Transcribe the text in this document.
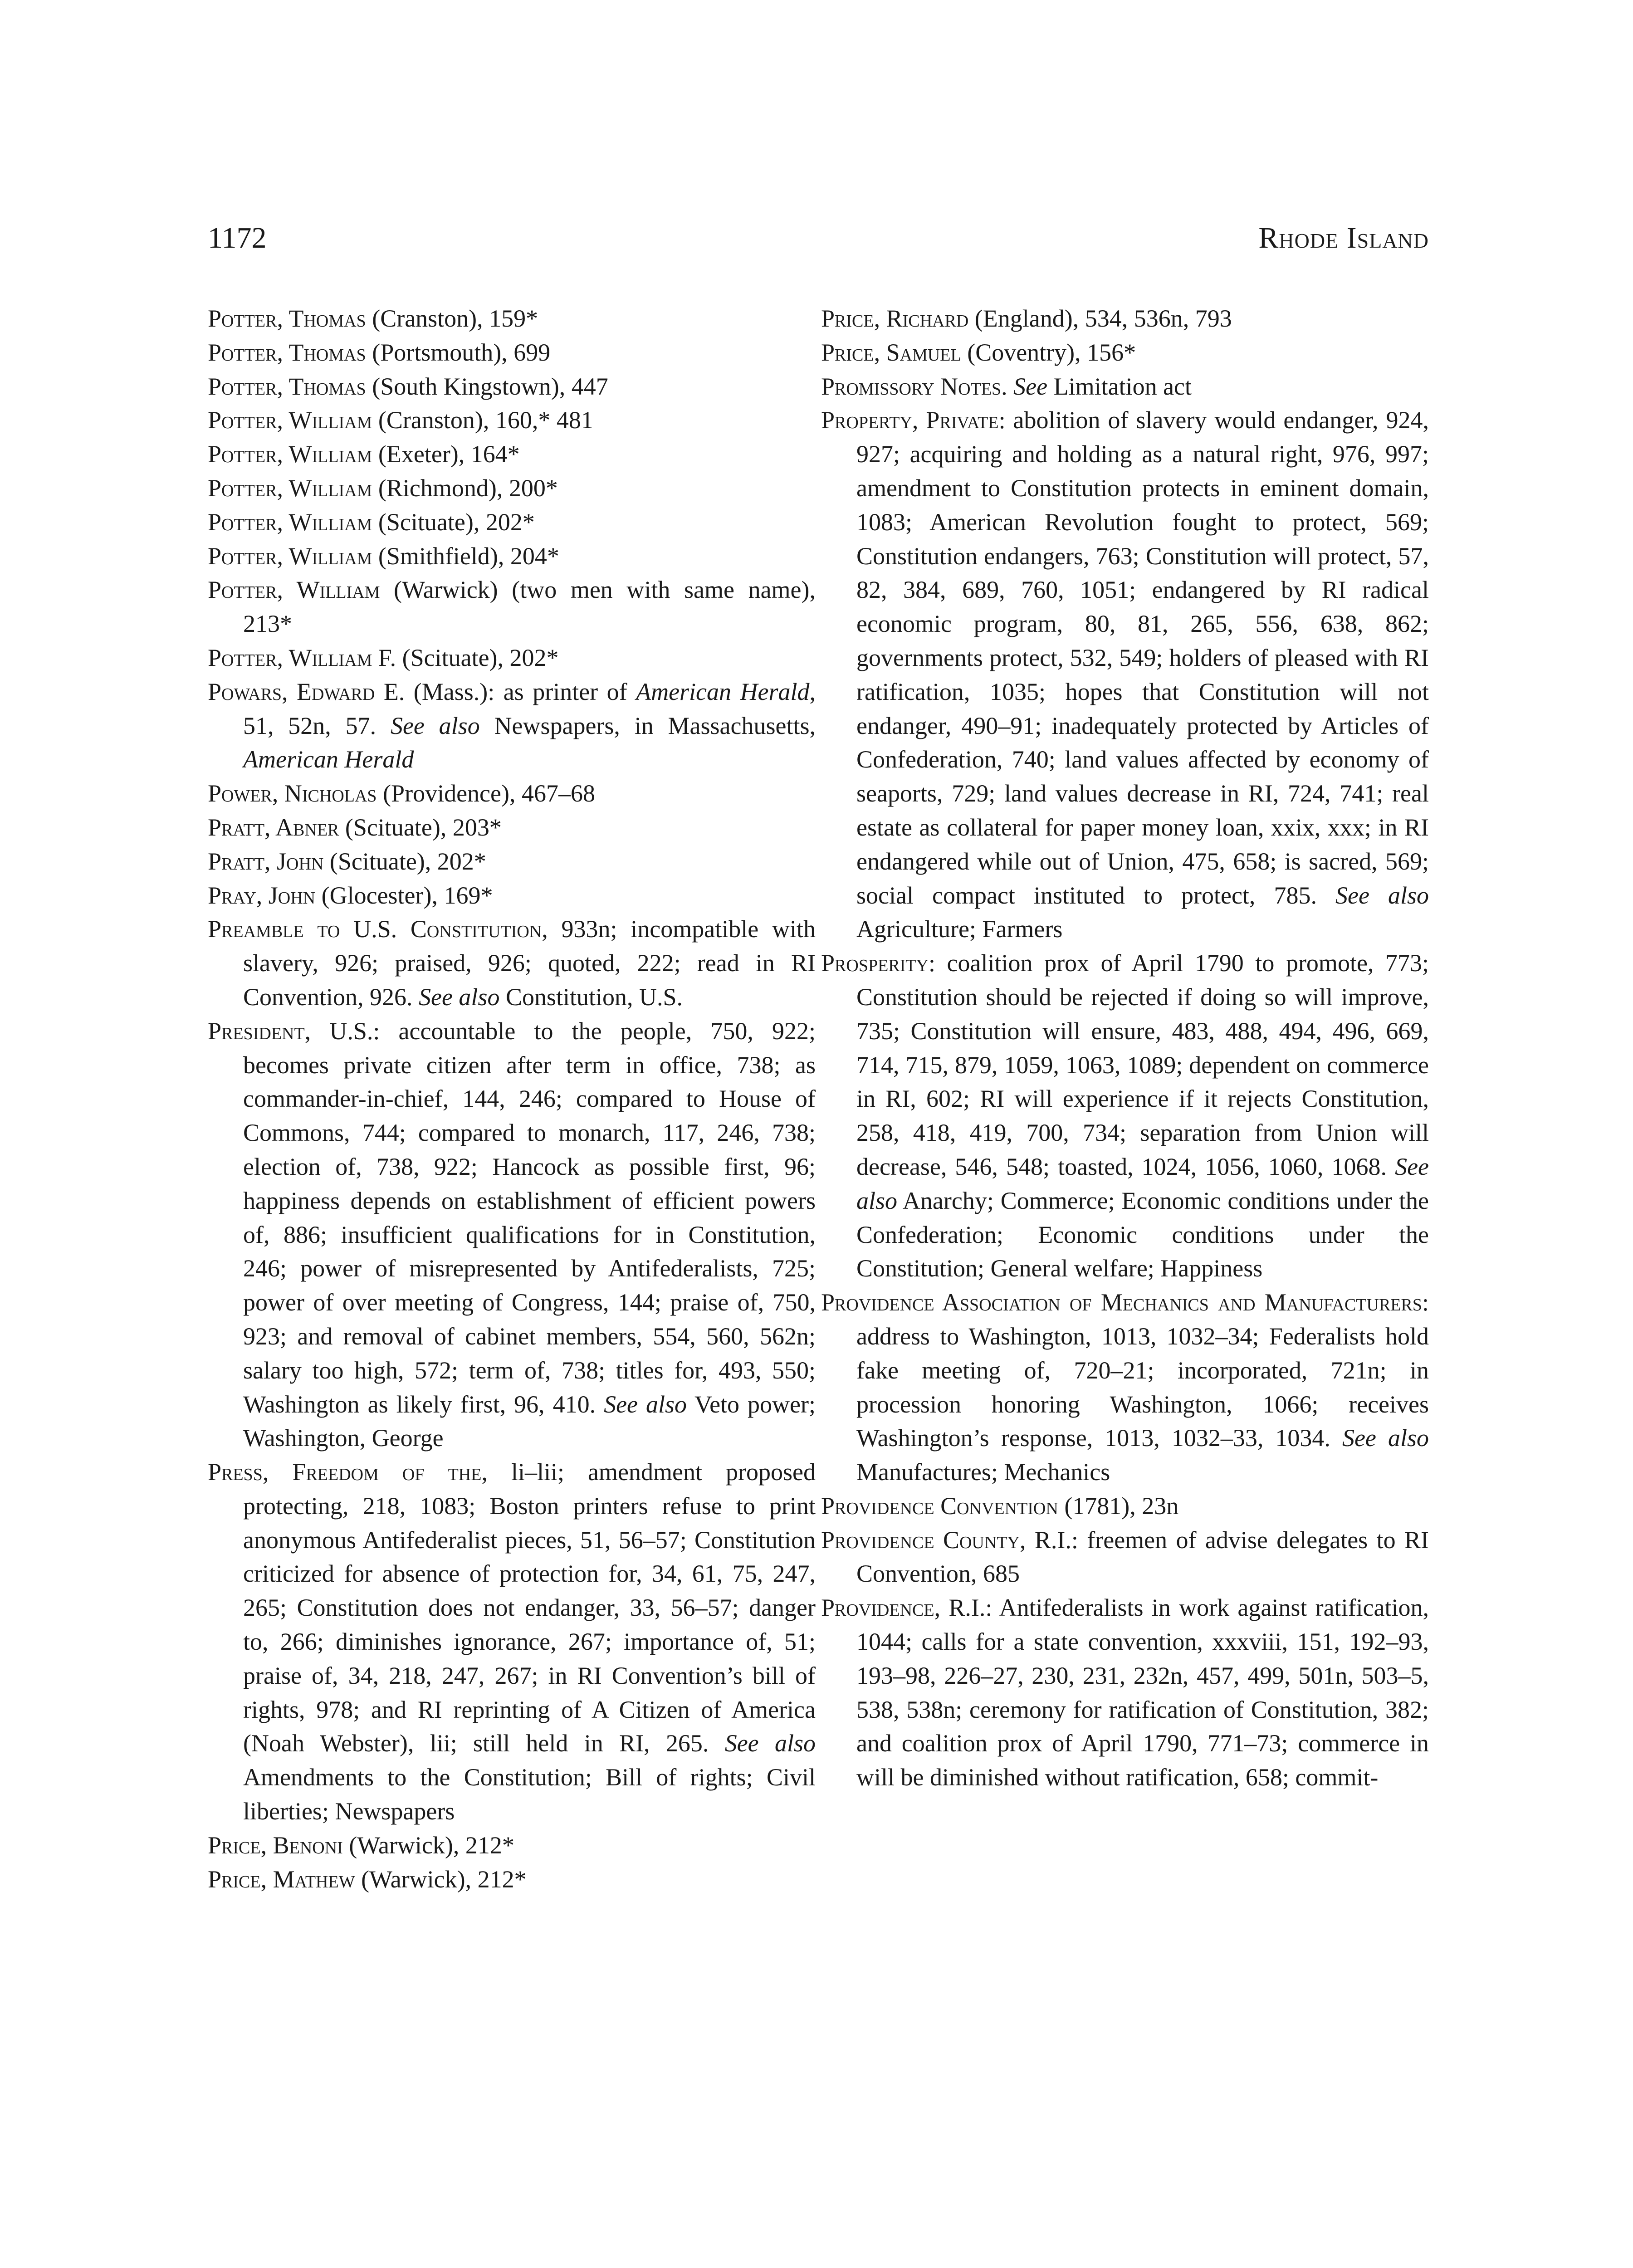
1172	Rhode Island

Potter, Thomas (Cranston), 159*

Potter, Thomas (Portsmouth), 699

Potter, Thomas (South Kingstown), 447

Potter, William (Cranston), 160,* 481

Potter, William (Exeter), 164*

Potter, William (Richmond), 200*

Potter, William (Scituate), 202*

Potter, William (Smithfield), 204*

Potter, William (Warwick) (two men with same name), 213*

Potter, William F. (Scituate), 202*

Powars, Edward E. (Mass.): as printer of American Herald, 51, 52n, 57. See also Newspapers, in Massachusetts, American Herald

Power, Nicholas (Providence), 467–68

Pratt, Abner (Scituate), 203*

Pratt, John (Scituate), 202*

Pray, John (Glocester), 169*

Preamble to U.S. Constitution, 933n; incompatible with slavery, 926; praised, 926; quoted, 222; read in RI Convention, 926. See also Constitution, U.S.

President, U.S.: accountable to the people, 750, 922; becomes private citizen after term in office, 738; as commander-in-chief, 144, 246; compared to House of Commons, 744; compared to monarch, 117, 246, 738; election of, 738, 922; Hancock as possible first, 96; happiness depends on establishment of efficient powers of, 886; insufficient qualifications for in Constitution, 246; power of misrepresented by Antifederalists, 725; power of over meeting of Congress, 144; praise of, 750, 923; and removal of cabinet members, 554, 560, 562n; salary too high, 572; term of, 738; titles for, 493, 550; Washington as likely first, 96, 410. See also Veto power; Washington, George

Press, Freedom of the, li–lii; amendment proposed protecting, 218, 1083; Boston printers refuse to print anonymous Antifederalist pieces, 51, 56–57; Constitution criticized for absence of protection for, 34, 61, 75, 247, 265; Constitution does not endanger, 33, 56–57; danger to, 266; diminishes ignorance, 267; importance of, 51; praise of, 34, 218, 247, 267; in RI Convention’s bill of rights, 978; and RI reprinting of A Citizen of America (Noah Webster), lii; still held in RI, 265. See also Amendments to the Constitution; Bill of rights; Civil liberties; Newspapers

Price, Benoni (Warwick), 212*

Price, Mathew (Warwick), 212*

Price, Richard (England), 534, 536n, 793

Price, Samuel (Coventry), 156*

Promissory Notes. See Limitation act

Property, Private: abolition of slavery would endanger, 924, 927; acquiring and holding as a natural right, 976, 997; amendment to Constitution protects in eminent domain, 1083; American Revolution fought to protect, 569; Constitution endangers, 763; Constitution will protect, 57, 82, 384, 689, 760, 1051; endangered by RI radical economic program, 80, 81, 265, 556, 638, 862; governments protect, 532, 549; holders of pleased with RI ratification, 1035; hopes that Constitution will not endanger, 490–91; inadequately protected by Articles of Confederation, 740; land values affected by economy of seaports, 729; land values decrease in RI, 724, 741; real estate as collateral for paper money loan, xxix, xxx; in RI endangered while out of Union, 475, 658; is sacred, 569; social compact instituted to protect, 785. See also Agriculture; Farmers

Prosperity: coalition prox of April 1790 to promote, 773; Constitution should be rejected if doing so will improve, 735; Constitution will ensure, 483, 488, 494, 496, 669, 714, 715, 879, 1059, 1063, 1089; dependent on commerce in RI, 602; RI will experience if it rejects Constitution, 258, 418, 419, 700, 734; separation from Union will decrease, 546, 548; toasted, 1024, 1056, 1060, 1068. See also Anarchy; Commerce; Economic conditions under the Confederation; Economic conditions under the Constitution; General welfare; Happiness

Providence Association of Mechanics and Manufacturers: address to Washington, 1013, 1032–34; Federalists hold fake meeting of, 720–21; incorporated, 721n; in procession honoring Washington, 1066; receives Washington’s response, 1013, 1032–33, 1034. See also Manufactures; Mechanics

Providence Convention (1781), 23n

Providence County, R.I.: freemen of advise delegates to RI Convention, 685

Providence, R.I.: Antifederalists in work against ratification, 1044; calls for a state convention, xxxviii, 151, 192–93, 193–98, 226–27, 230, 231, 232n, 457, 499, 501n, 503–5, 538, 538n; ceremony for ratification of Constitution, 382; and coalition prox of April 1790, 771–73; commerce in will be diminished without ratification, 658; commit-
